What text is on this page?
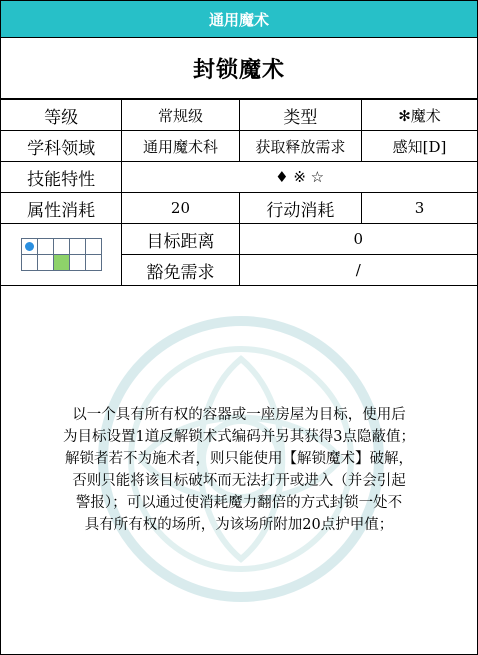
通用魔术
封锁魔术
等级	常规级	类型	✻魔术
学科领域	通用魔术科	获取释放需求	感知[D]
技能特性	♦ ※ ☆		
属性消耗	20	行动消耗	3

	目标距离	0	
	豁免需求	/	
以一个具有所有权的容器或一座房屋为目标，使用后
为目标设置1道反解锁术式编码并另其获得3点隐蔽值；
解锁者若不为施术者，则只能使用【解锁魔术】破解，
否则只能将该目标破坏而无法打开或进入（并会引起
警报）；可以通过使消耗魔力翻倍的方式封锁一处不
具有所有权的场所，为该场所附加20点护甲值；
